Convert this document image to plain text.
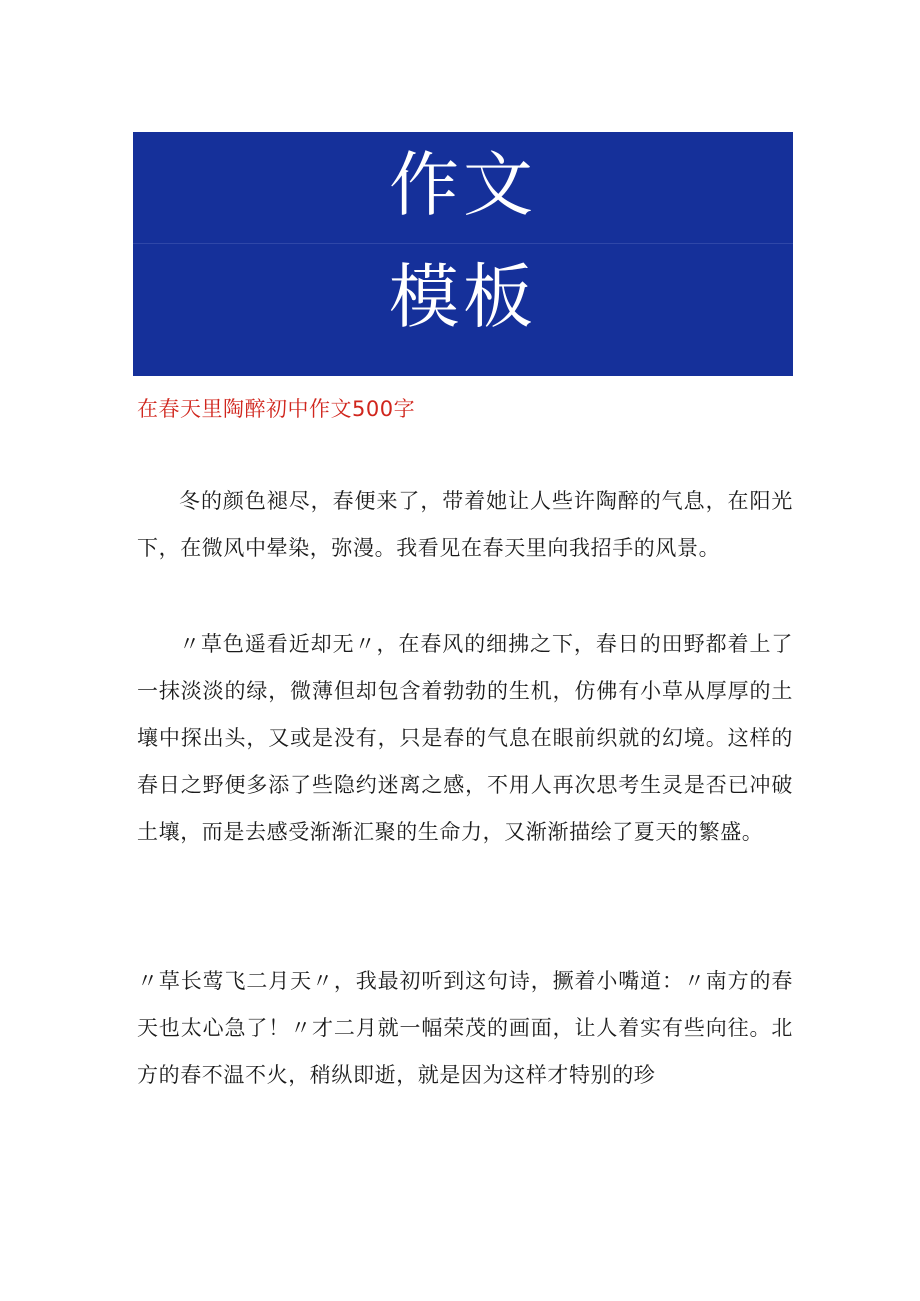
作文
模板
在春天里陶醉初中作文500字

冬的颜色褪尽，春便来了，带着她让人些许陶醉的气息，在阳光下，在微风中晕染，弥漫。我看见在春天里向我招手的风景。

〃草色遥看近却无〃，在春风的细拂之下，春日的田野都着上了一抹淡淡的绿，微薄但却包含着勃勃的生机，仿佛有小草从厚厚的土壤中探出头，又或是没有，只是春的气息在眼前织就的幻境。这样的春日之野便多添了些隐约迷离之感，不用人再次思考生灵是否已冲破土壤，而是去感受渐渐汇聚的生命力，又渐渐描绘了夏天的繁盛。

〃草长莺飞二月天〃，我最初听到这句诗，撅着小嘴道：〃南方的春天也太心急了！〃才二月就一幅荣茂的画面，让人着实有些向往。北方的春不温不火，稍纵即逝，就是因为这样才特别的珍
